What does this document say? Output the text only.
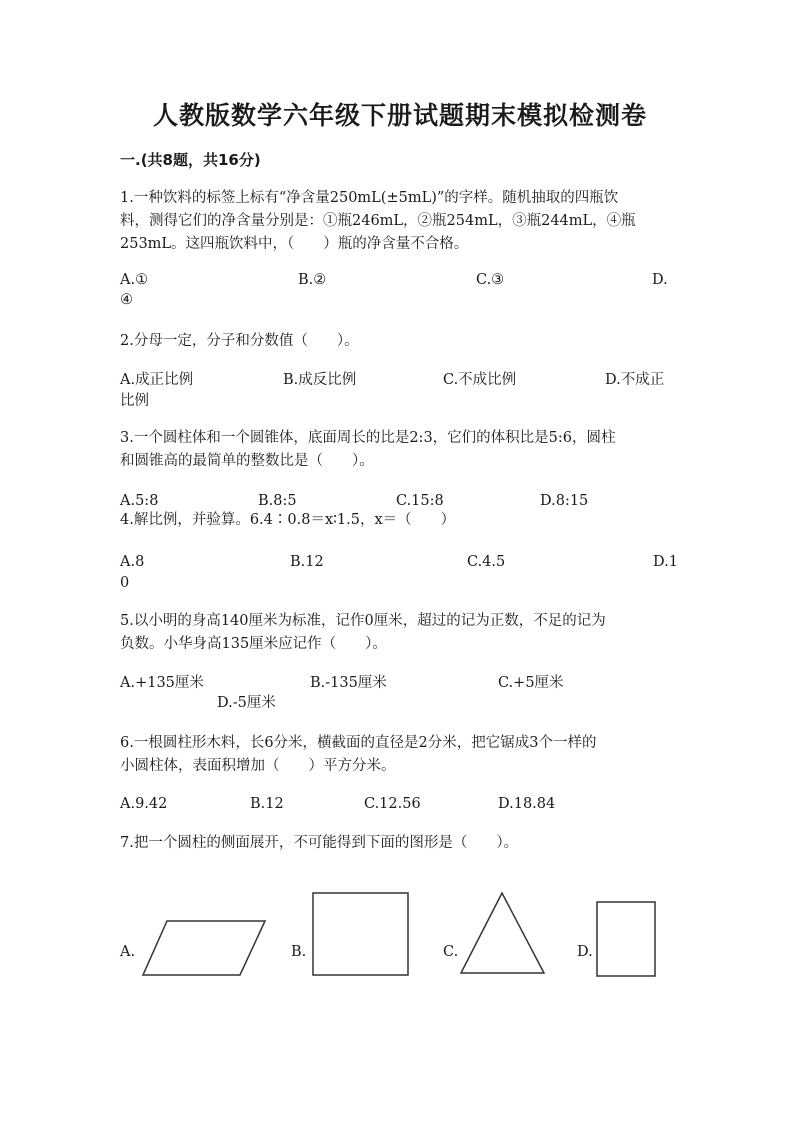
人教版数学六年级下册试题期末模拟检测卷
一.(共8题，共16分)
1.一种饮料的标签上标有“净含量250mL(±5mL)”的字样。随机抽取的四瓶饮
料，测得它们的净含量分别是：①瓶246mL，②瓶254mL，③瓶244mL，④瓶
253mL。这四瓶饮料中，（　　）瓶的净含量不合格。
A.①	B.②	C.③	D.
④
2.分母一定，分子和分数值（　　）。
A.成正比例	B.成反比例	C.不成比例	D.不成正
比例
3.一个圆柱体和一个圆锥体，底面周长的比是2:3，它们的体积比是5:6，圆柱
和圆锥高的最简单的整数比是（　　）。
A.5:8	B.8:5	C.15:8	D.8:15
4.解比例，并验算。6.4∶0.8＝x∶1.5，x＝（　　）
A.8	B.12	C.4.5	D.1
0
5.以小明的身高140厘米为标准，记作0厘米，超过的记为正数，不足的记为
负数。小华身高135厘米应记作（　　）。
A.+135厘米	B.-135厘米	C.+5厘米
D.-5厘米
6.一根圆柱形木料，长6分米，横截面的直径是2分米，把它锯成3个一样的
小圆柱体，表面积增加（　　）平方分米。
A.9.42	B.12	C.12.56	D.18.84
7.把一个圆柱的侧面展开，不可能得到下面的图形是（　　）。
A.	B.	C.	D.
